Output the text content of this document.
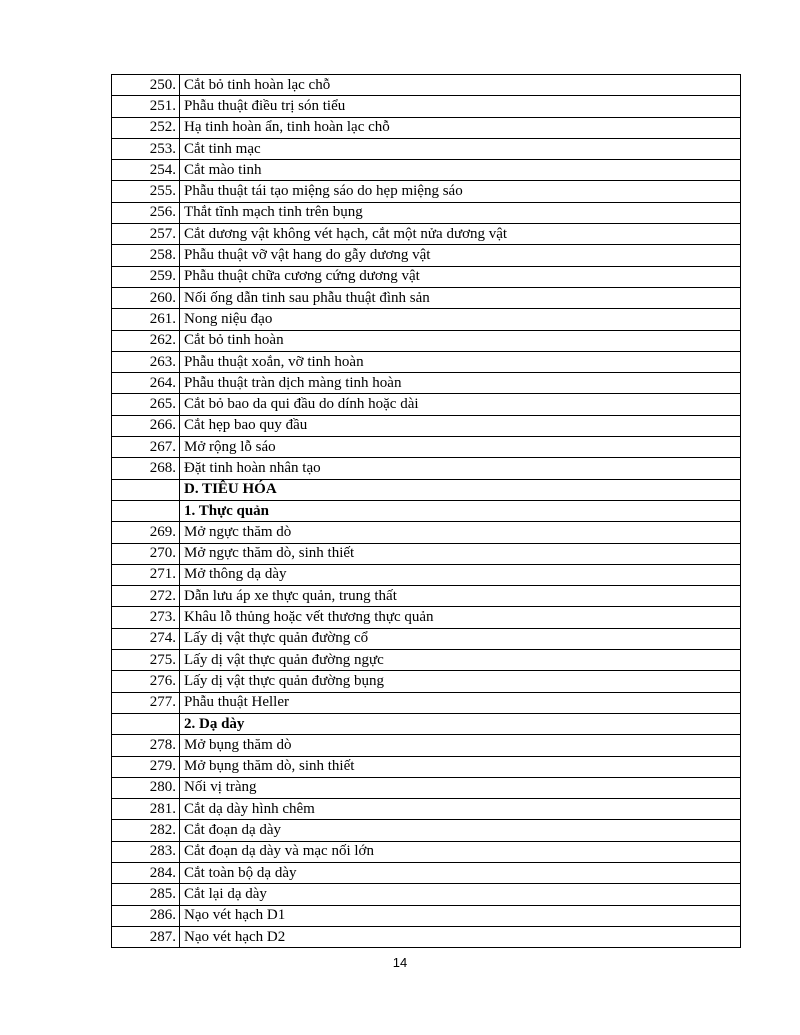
250.	Cắt bỏ tinh hoàn lạc chỗ
251.	Phẫu thuật điều trị són tiểu
252.	Hạ tinh hoàn ẩn, tinh hoàn lạc chỗ
253.	Cắt tinh mạc
254.	Cắt mào tinh
255.	Phẫu thuật tái tạo miệng sáo do hẹp miệng sáo
256.	Thắt tĩnh mạch tinh trên bụng
257.	Cắt dương vật không vét hạch, cắt một nửa dương vật
258.	Phẫu thuật vỡ vật hang do gẫy dương vật
259.	Phẫu thuật chữa cương cứng dương vật
260.	Nối ống dẫn tinh sau phẫu thuật đình sản
261.	Nong niệu đạo
262.	Cắt bỏ tinh hoàn
263.	Phẫu thuật xoắn, vỡ tinh hoàn
264.	Phẫu thuật tràn dịch màng tinh hoàn
265.	Cắt bỏ bao da qui đầu do dính hoặc dài
266.	Cắt hẹp bao quy đầu
267.	Mở rộng lỗ sáo
268.	Đặt tinh hoàn nhân tạo
	D. TIÊU HÓA
	1. Thực quản
269.	Mở ngực thăm dò
270.	Mở ngực thăm dò, sinh thiết
271.	Mở thông dạ dày
272.	Dẫn lưu áp xe thực quản, trung thất
273.	Khâu lỗ thủng hoặc vết thương thực quản
274.	Lấy dị vật thực quản đường cổ
275.	Lấy dị vật thực quản đường ngực
276.	Lấy dị vật thực quản đường bụng
277.	Phẫu thuật Heller
	2. Dạ dày
278.	Mở bụng thăm dò
279.	Mở bụng thăm dò, sinh thiết
280.	Nối vị tràng
281.	Cắt dạ dày hình chêm
282.	Cắt đoạn dạ dày
283.	Cắt đoạn dạ dày và mạc nối lớn
284.	Cắt toàn bộ dạ dày
285.	Cắt lại dạ dày
286.	Nạo vét hạch D1
287.	Nạo vét hạch D2
14
